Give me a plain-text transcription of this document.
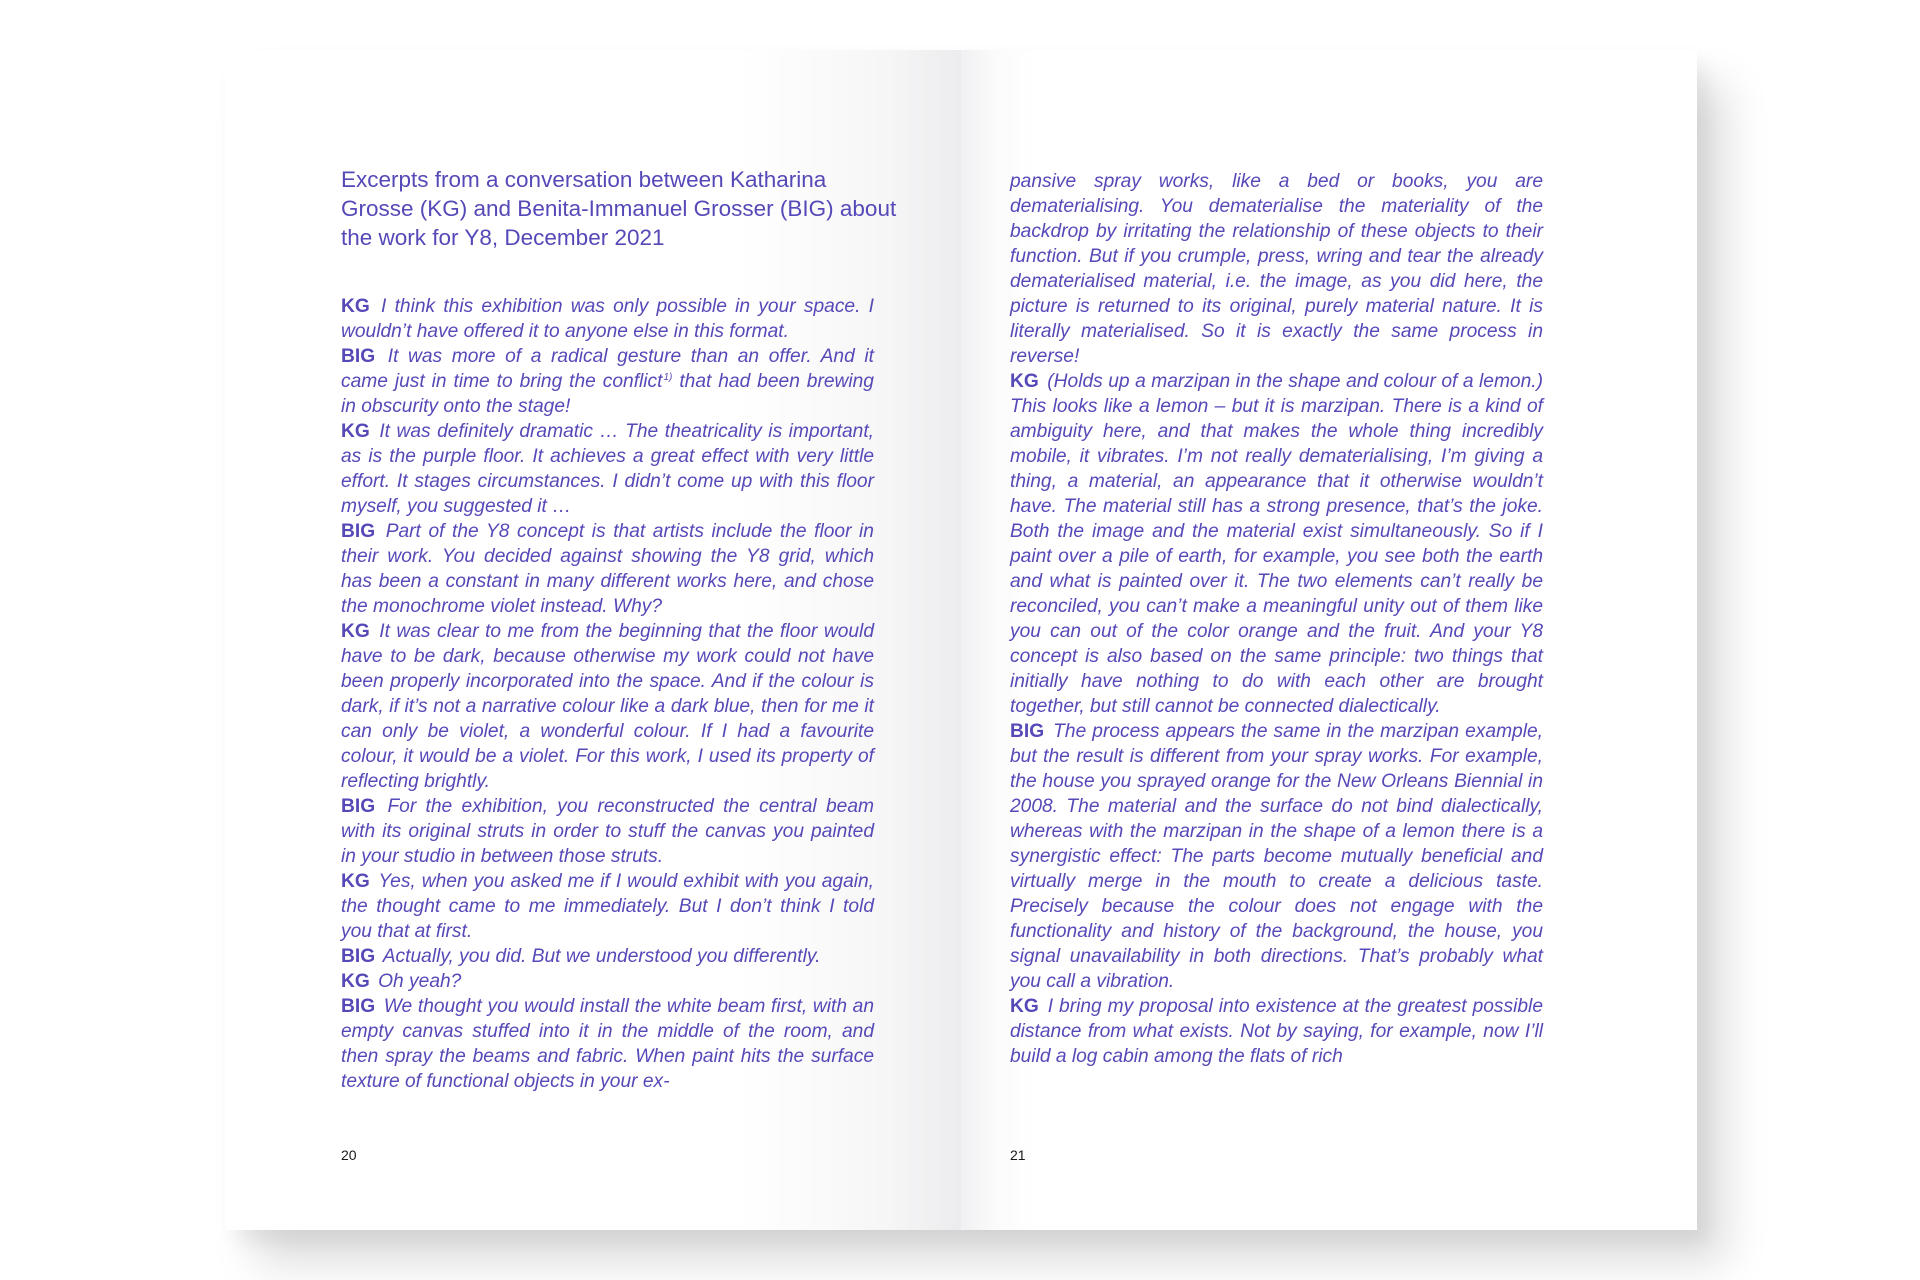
Excerpts from a conversation between Katharina Grosse (KG) and Benita-Immanuel Grosser (BIG) about the work for Y8, December 2021

KG I think this exhibition was only possible in your space. I wouldn’t have offered it to anyone else in this format.

BIG It was more of a radical gesture than an offer. And it came just in time to bring the conflict$^{1)}$ that had been brewing in obscurity onto the stage!

KG It was definitely dramatic … The theatricality is important, as is the purple floor. It achieves a great effect with very little effort. It stages circumstances. I didn’t come up with this floor myself, you suggested it …

BIG Part of the Y8 concept is that artists include the floor in their work. You decided against showing the Y8 grid, which has been a constant in many different works here, and chose the monochrome violet instead. Why?

KG It was clear to me from the beginning that the floor would have to be dark, because otherwise my work could not have been properly incorporated into the space. And if the colour is dark, if it’s not a narrative colour like a dark blue, then for me it can only be violet, a wonderful colour. If I had a favourite colour, it would be a violet. For this work, I used its property of reflecting brightly.

BIG For the exhibition, you reconstructed the central beam with its original struts in order to stuff the canvas you painted in your studio in between those struts.

KG Yes, when you asked me if I would exhibit with you again, the thought came to me immediately. But I don’t think I told you that at first.

BIG Actually, you did. But we understood you differently.

KG Oh yeah?

BIG We thought you would install the white beam first, with an empty canvas stuffed into it in the middle of the room, and then spray the beams and fabric. When paint hits the surface texture of functional objects in your ex-

20

pansive spray works, like a bed or books, you are dematerialising. You dematerialise the materiality of the backdrop by irritating the relationship of these objects to their function. But if you crumple, press, wring and tear the already dematerialised material, i.e. the image, as you did here, the picture is returned to its original, purely material nature. It is literally materialised. So it is exactly the same process in reverse!

KG (Holds up a marzipan in the shape and colour of a lemon.) This looks like a lemon – but it is marzipan. There is a kind of ambiguity here, and that makes the whole thing incredibly mobile, it vibrates. I’m not really dematerialising, I’m giving a thing, a material, an appearance that it otherwise wouldn’t have. The material still has a strong presence, that’s the joke. Both the image and the material exist simultaneously. So if I paint over a pile of earth, for example, you see both the earth and what is painted over it. The two elements can’t really be reconciled, you can’t make a meaningful unity out of them like you can out of the color orange and the fruit. And your Y8 concept is also based on the same principle: two things that initially have nothing to do with each other are brought together, but still cannot be connected dialectically.

BIG The process appears the same in the marzipan example, but the result is different from your spray works. For example, the house you sprayed orange for the New Orleans Biennial in 2008. The material and the surface do not bind dialectically, whereas with the marzipan in the shape of a lemon there is a synergistic effect: The parts become mutually beneficial and virtually merge in the mouth to create a delicious taste. Precisely because the colour does not engage with the functionality and history of the background, the house, you signal unavailability in both directions. That’s probably what you call a vibration.

KG I bring my proposal into existence at the greatest possible distance from what exists. Not by saying, for example, now I’ll build a log cabin among the flats of rich

21
